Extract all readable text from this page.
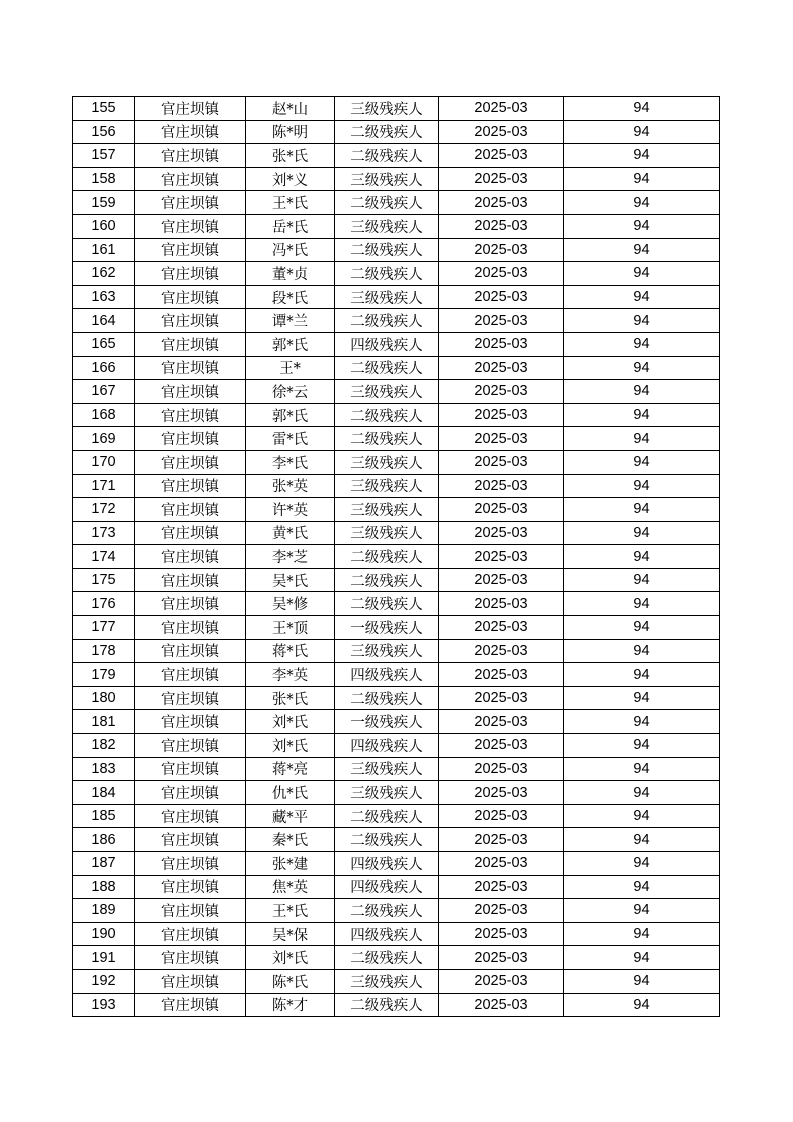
155	官庄坝镇	赵*山	三级残疾人	2025-03	94
156	官庄坝镇	陈*明	二级残疾人	2025-03	94
157	官庄坝镇	张*氏	二级残疾人	2025-03	94
158	官庄坝镇	刘*义	三级残疾人	2025-03	94
159	官庄坝镇	王*氏	二级残疾人	2025-03	94
160	官庄坝镇	岳*氏	三级残疾人	2025-03	94
161	官庄坝镇	冯*氏	二级残疾人	2025-03	94
162	官庄坝镇	董*贞	二级残疾人	2025-03	94
163	官庄坝镇	段*氏	三级残疾人	2025-03	94
164	官庄坝镇	谭*兰	二级残疾人	2025-03	94
165	官庄坝镇	郭*氏	四级残疾人	2025-03	94
166	官庄坝镇	王*	二级残疾人	2025-03	94
167	官庄坝镇	徐*云	三级残疾人	2025-03	94
168	官庄坝镇	郭*氏	二级残疾人	2025-03	94
169	官庄坝镇	雷*氏	二级残疾人	2025-03	94
170	官庄坝镇	李*氏	三级残疾人	2025-03	94
171	官庄坝镇	张*英	三级残疾人	2025-03	94
172	官庄坝镇	许*英	三级残疾人	2025-03	94
173	官庄坝镇	黄*氏	三级残疾人	2025-03	94
174	官庄坝镇	李*芝	二级残疾人	2025-03	94
175	官庄坝镇	吴*氏	二级残疾人	2025-03	94
176	官庄坝镇	吴*修	二级残疾人	2025-03	94
177	官庄坝镇	王*顶	一级残疾人	2025-03	94
178	官庄坝镇	蒋*氏	三级残疾人	2025-03	94
179	官庄坝镇	李*英	四级残疾人	2025-03	94
180	官庄坝镇	张*氏	二级残疾人	2025-03	94
181	官庄坝镇	刘*氏	一级残疾人	2025-03	94
182	官庄坝镇	刘*氏	四级残疾人	2025-03	94
183	官庄坝镇	蒋*亮	三级残疾人	2025-03	94
184	官庄坝镇	仇*氏	三级残疾人	2025-03	94
185	官庄坝镇	藏*平	二级残疾人	2025-03	94
186	官庄坝镇	秦*氏	二级残疾人	2025-03	94
187	官庄坝镇	张*建	四级残疾人	2025-03	94
188	官庄坝镇	焦*英	四级残疾人	2025-03	94
189	官庄坝镇	王*氏	二级残疾人	2025-03	94
190	官庄坝镇	吴*保	四级残疾人	2025-03	94
191	官庄坝镇	刘*氏	二级残疾人	2025-03	94
192	官庄坝镇	陈*氏	三级残疾人	2025-03	94
193	官庄坝镇	陈*才	二级残疾人	2025-03	94
